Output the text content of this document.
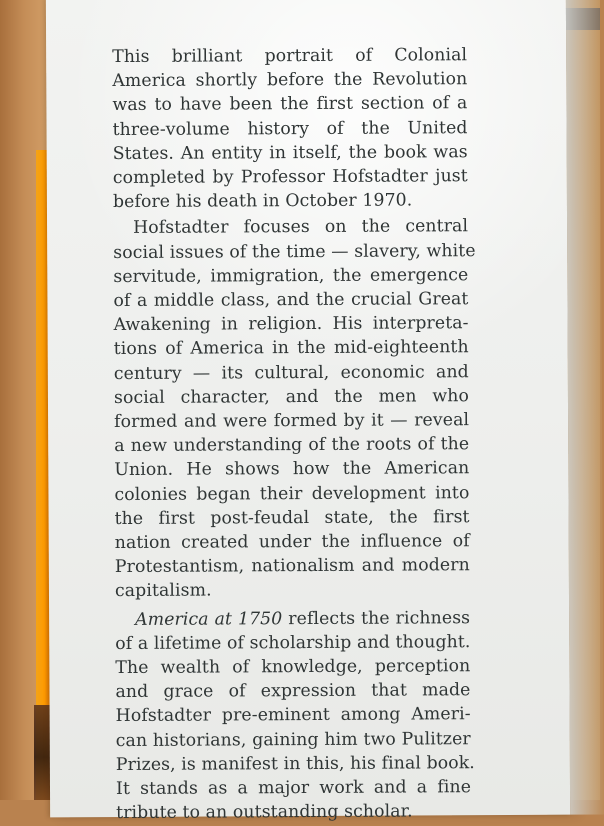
This brilliant portrait of Colonial
America shortly before the Revolution
was to have been the first section of a
three-volume history of the United
States. An entity in itself, the book was
completed by Professor Hofstadter just
before his death in October 1970.
Hofstadter focuses on the central
social issues of the time — slavery, white
servitude, immigration, the emergence
of a middle class, and the crucial Great
Awakening in religion. His interpreta-
tions of America in the mid-eighteenth
century — its cultural, economic and
social character, and the men who
formed and were formed by it — reveal
a new understanding of the roots of the
Union. He shows how the American
colonies began their development into
the first post-feudal state, the first
nation created under the influence of
Protestantism, nationalism and modern
capitalism.
America at 1750 reflects the richness
of a lifetime of scholarship and thought.
The wealth of knowledge, perception
and grace of expression that made
Hofstadter pre-eminent among Ameri-
can historians, gaining him two Pulitzer
Prizes, is manifest in this, his final book.
It stands as a major work and a fine
tribute to an outstanding scholar.
